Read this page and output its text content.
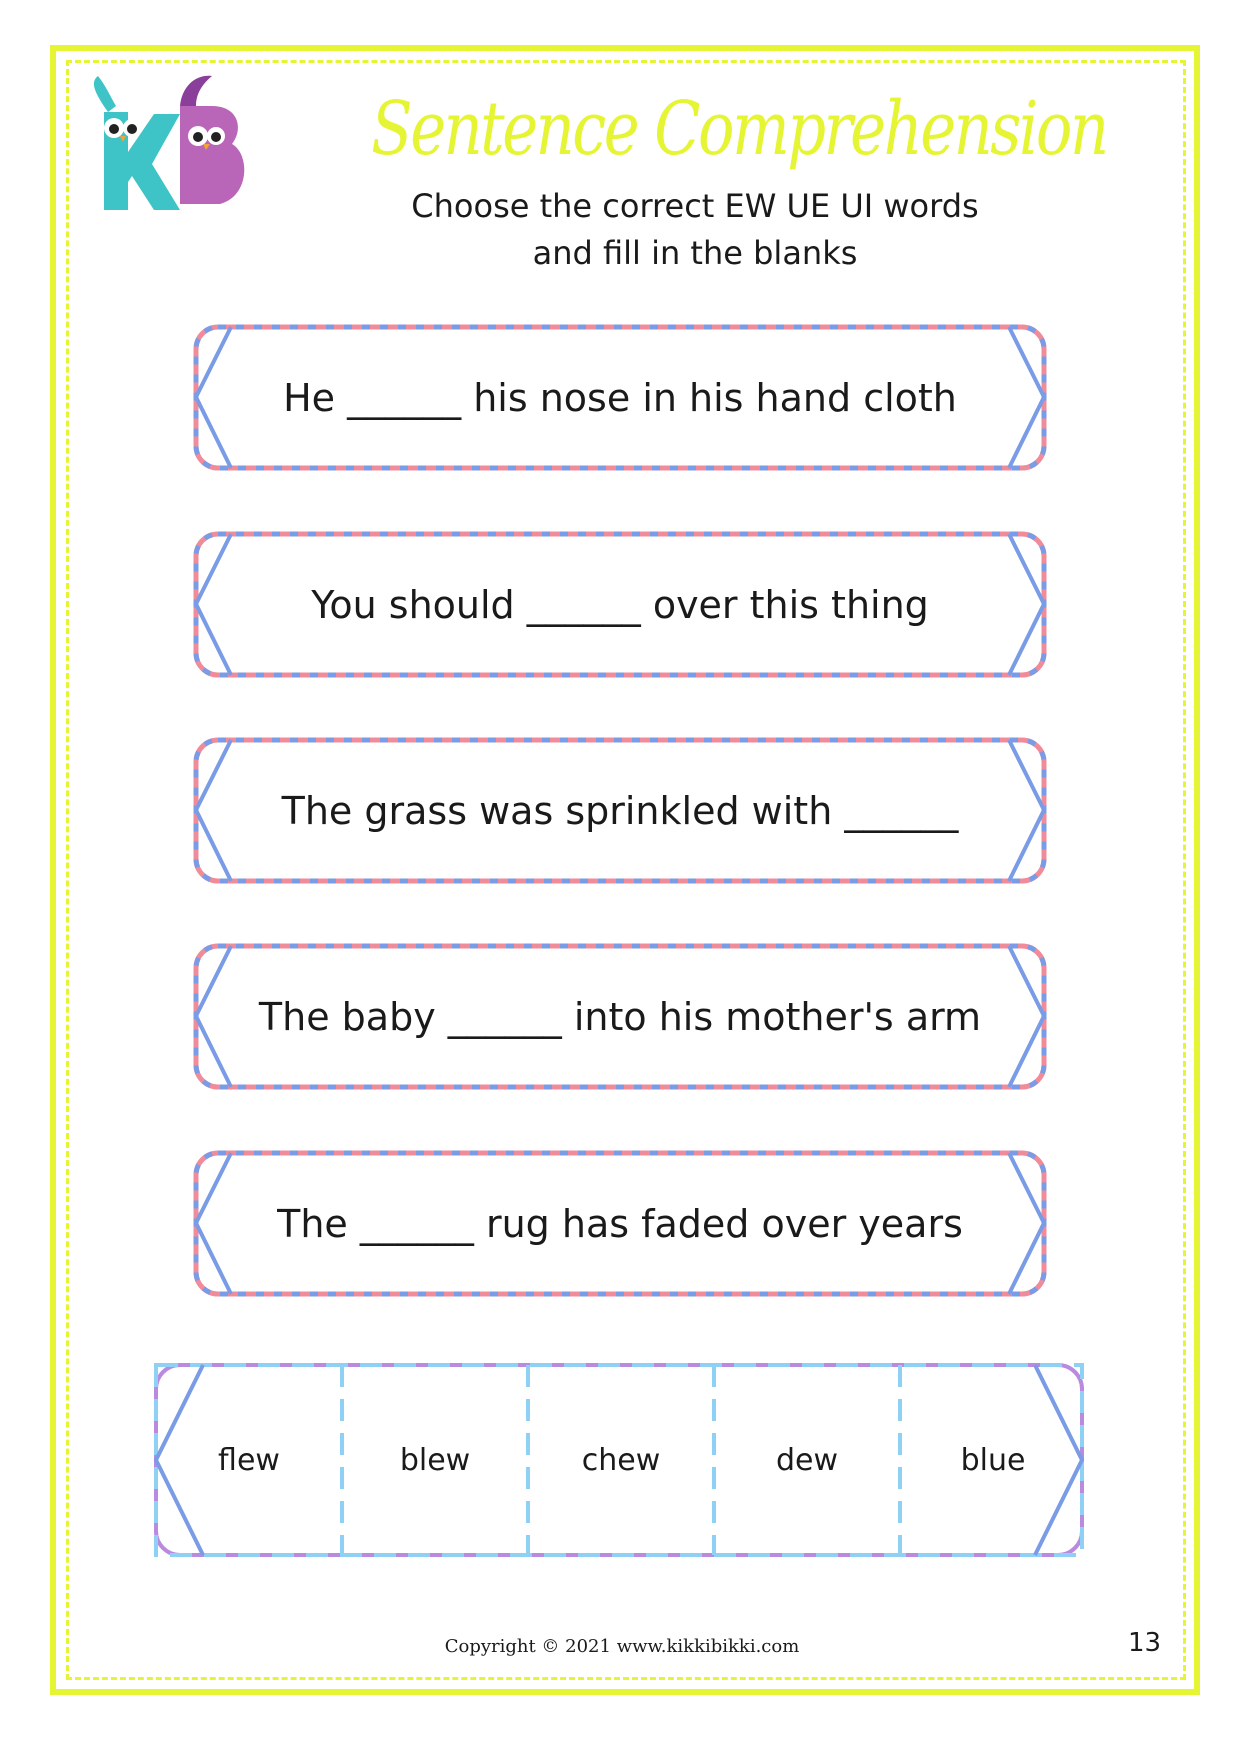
Sentence Comprehension
Choose the correct EW UE UI words
and fill in the blanks
He ______ his nose in his hand cloth
You should ______ over this thing
The grass was sprinkled with ______
The baby ______ into his mother's arm
The ______ rug has faded over years
flew	blew	chew	dew	blue
Copyright © 2021 www.kikkibikki.com	13
